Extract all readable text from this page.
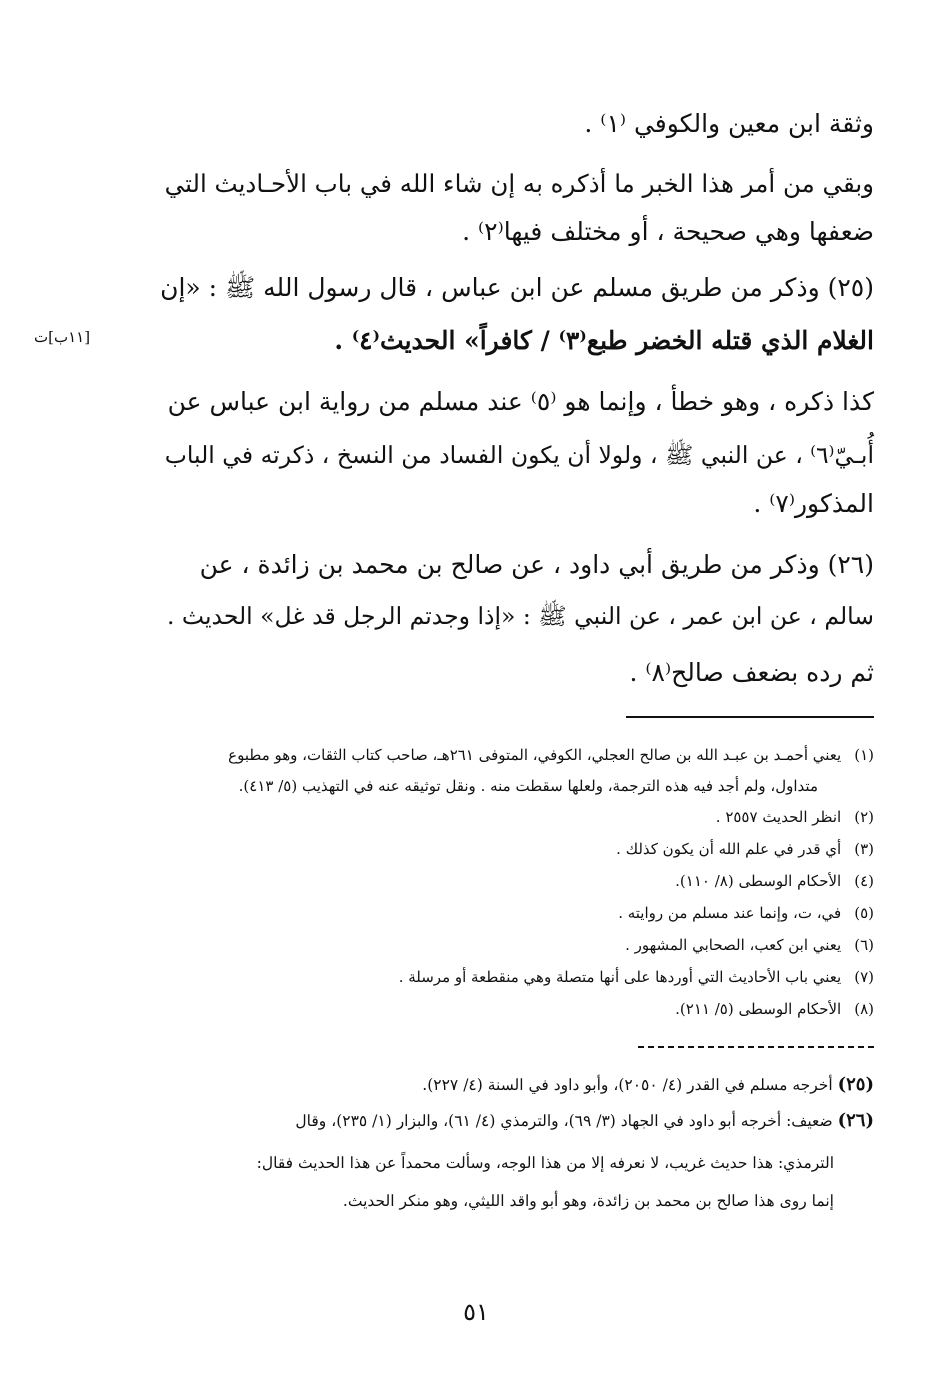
[١١ب]ت
وثقة ابن معين والكوفي ⁽١⁾ .
وبقي من أمر هذا الخبر ما أذكره به إن شاء الله في باب الأحـاديث التي
ضعفها وهي صحيحة ، أو مختلف فيها⁽٢⁾ .
(٢٥) وذكر من طريق مسلم عن ابن عباس ، قال رسول الله ﷺ : «إن
الغلام الذي قتله الخضر طبع⁽٣⁾ / كافراً» الحديث⁽٤⁾ .
كذا ذكره ، وهو خطأ ، وإنما هو ⁽٥⁾ عند مسلم من رواية ابن عباس عن
أُبـيّ⁽٦⁾ ، عن النبي ﷺ ، ولولا أن يكون الفساد من النسخ ، ذكرته في الباب
المذكور⁽٧⁾ .
(٢٦) وذكر من طريق أبي داود ، عن صالح بن محمد بن زائدة ، عن
سالم ، عن ابن عمر ، عن النبي ﷺ : «إذا وجدتم الرجل قد غل» الحديث .
ثم رده بضعف صالح⁽٨⁾ .
(١) يعني أحمـد بن عبـد الله بن صالح العجلي، الكوفي، المتوفى ٢٦١هـ، صاحب كتاب الثقات، وهو مطبوع
متداول، ولم أجد فيه هذه الترجمة، ولعلها سقطت منه . ونقل توثيقه عنه في التهذيب (٥/ ٤١٣).
(٢) انظر الحديث ٢٥٥٧ .
(٣) أي قدر في علم الله أن يكون كذلك .
(٤) الأحكام الوسطى (٨/ ١١٠).
(٥) في، ت، وإنما عند مسلم من روايته .
(٦) يعني ابن كعب، الصحابي المشهور .
(٧) يعني باب الأحاديث التي أوردها على أنها متصلة وهي منقطعة أو مرسلة .
(٨) الأحكام الوسطى (٥/ ٢١١).
(٢٥) أخرجه مسلم في القدر (٤/ ٢٠٥٠)، وأبو داود في السنة (٤/ ٢٢٧).
(٢٦) ضعيف: أخرجه أبو داود في الجهاد (٣/ ٦٩)، والترمذي (٤/ ٦١)، والبزار (١/ ٢٣٥)، وقال
الترمذي: هذا حديث غريب، لا نعرفه إلا من هذا الوجه، وسألت محمداً عن هذا الحديث فقال:
إنما روى هذا صالح بن محمد بن زائدة، وهو أبو واقد الليثي، وهو منكر الحديث.
٥١
